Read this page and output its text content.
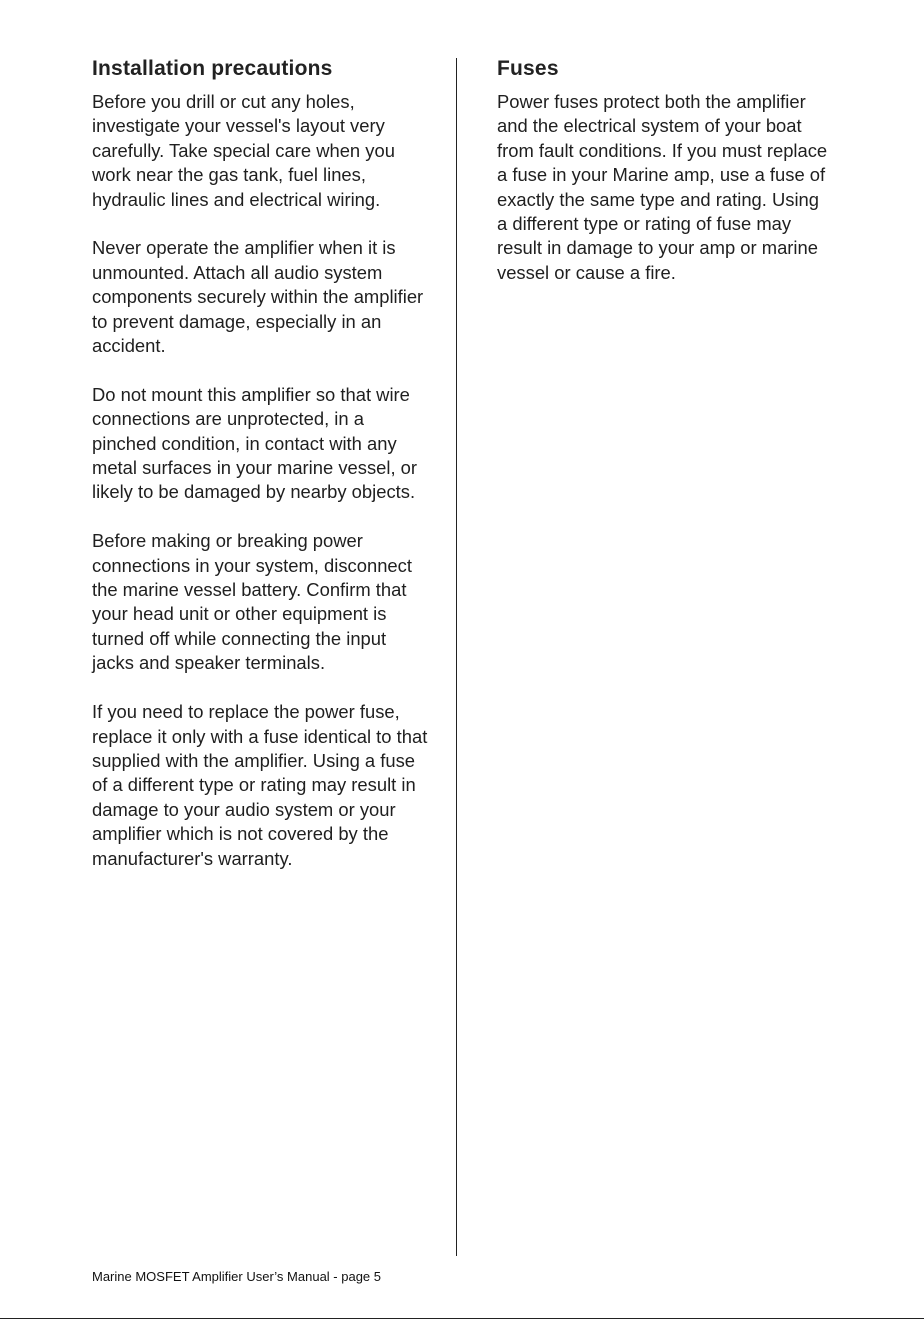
Installation precautions

Before you drill or cut any holes, investigate your vessel's layout very carefully. Take special care when you work near the gas tank, fuel lines, hydraulic lines and electrical wiring.

Never operate the amplifier when it is unmounted. Attach all audio system components securely within the amplifier to prevent damage, especially in an accident.

Do not mount this amplifier so that wire connections are unprotected, in a pinched condition, in contact with any metal surfaces in your marine vessel, or likely to be damaged by nearby objects.

Before making or breaking power connections in your system, disconnect the marine vessel battery. Confirm that your head unit or other equipment is turned off while connecting the input jacks and speaker terminals.

If you need to replace the power fuse, replace it only with a fuse identical to that supplied with the amplifier. Using a fuse of a different type or rating may result in damage to your audio system or your amplifier which is not covered by the manufacturer's warranty.

Fuses

Power fuses protect both the amplifier and the electrical system of your boat from fault conditions. If you must replace a fuse in your Marine amp, use a fuse of exactly the same type and rating. Using a different type or rating of fuse may result in damage to your amp or marine vessel or cause a fire.

Marine MOSFET Amplifier User’s Manual - page 5
